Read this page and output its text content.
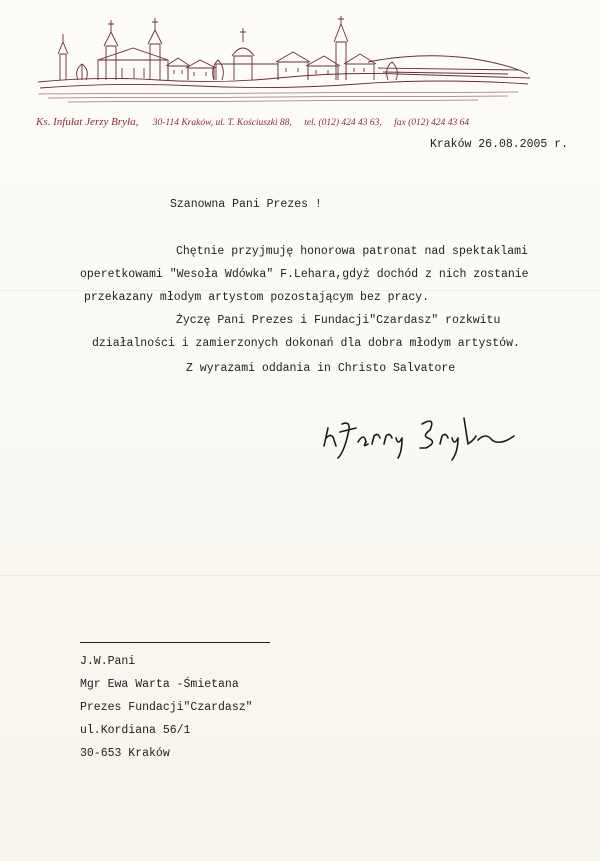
Ks. Infułat Jerzy Bryła, 30-114 Kraków, ul. T. Kościuszki 88, tel. (012) 424 43 63, fax (012) 424 43 64
Kraków 26.08.2005 r.
Szanowna Pani Prezes !
Chętnie przyjmuję honorowa patronat nad spektaklami
operetkowami "Wesoła Wdówka" F.Lehara,gdyż dochód z nich zostanie
przekazany młodym artystom pozostającym bez pracy.
Życzę Pani Prezes i Fundacji"Czardasz" rozkwitu
działalności i zamierzonych dokonań dla dobra młodym artystów.
Z wyrazami oddania in Christo Salvatore
J.W.Pani
Mgr Ewa Warta -Śmietana
Prezes Fundacji"Czardasz"
ul.Kordiana 56/1
30-653 Kraków
